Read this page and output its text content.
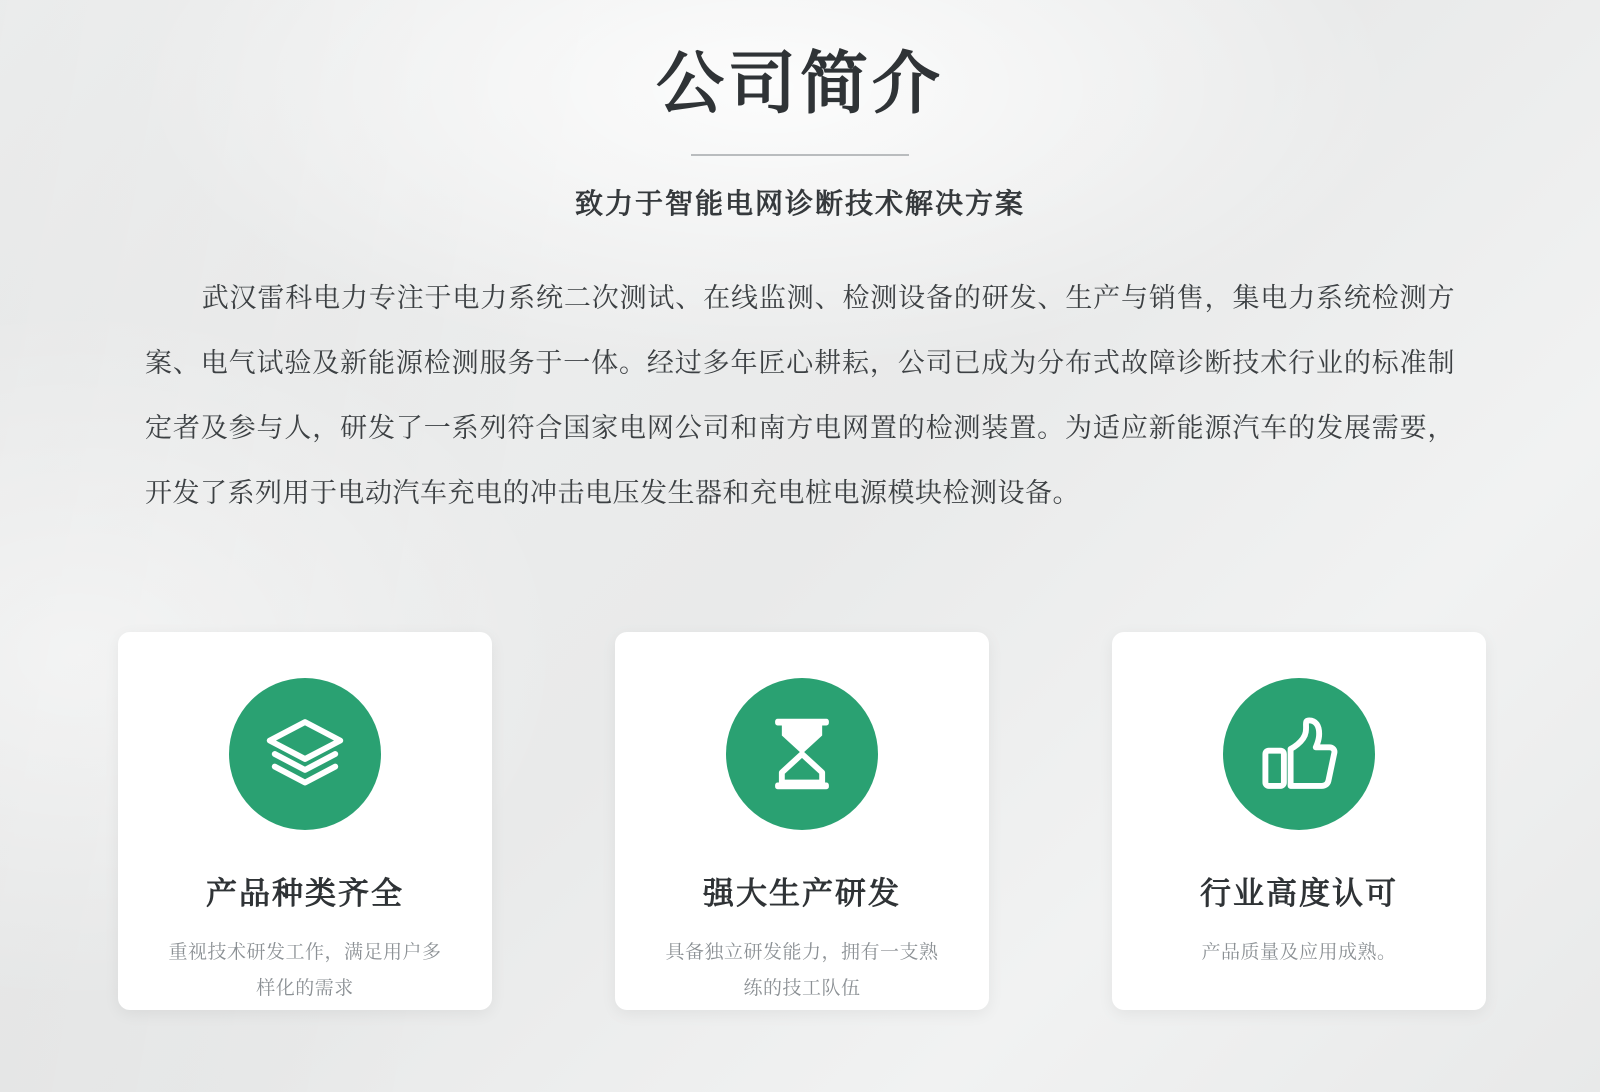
公司简介
致力于智能电网诊断技术解决方案

武汉雷科电力专注于电力系统二次测试、在线监测、检测设备的研发、生产与销售，集电力系统检测方案、电气试验及新能源检测服务于一体。经过多年匠心耕耘，公司已成为分布式故障诊断技术行业的标准制定者及参与人，研发了一系列符合国家电网公司和南方电网置的检测装置。为适应新能源汽车的发展需要，开发了系列用于电动汽车充电的冲击电压发生器和充电桩电源模块检测设备。

产品种类齐全
重视技术研发工作，满足用户多样化的需求
强大生产研发
具备独立研发能力，拥有一支熟练的技工队伍
行业高度认可
产品质量及应用成熟。
